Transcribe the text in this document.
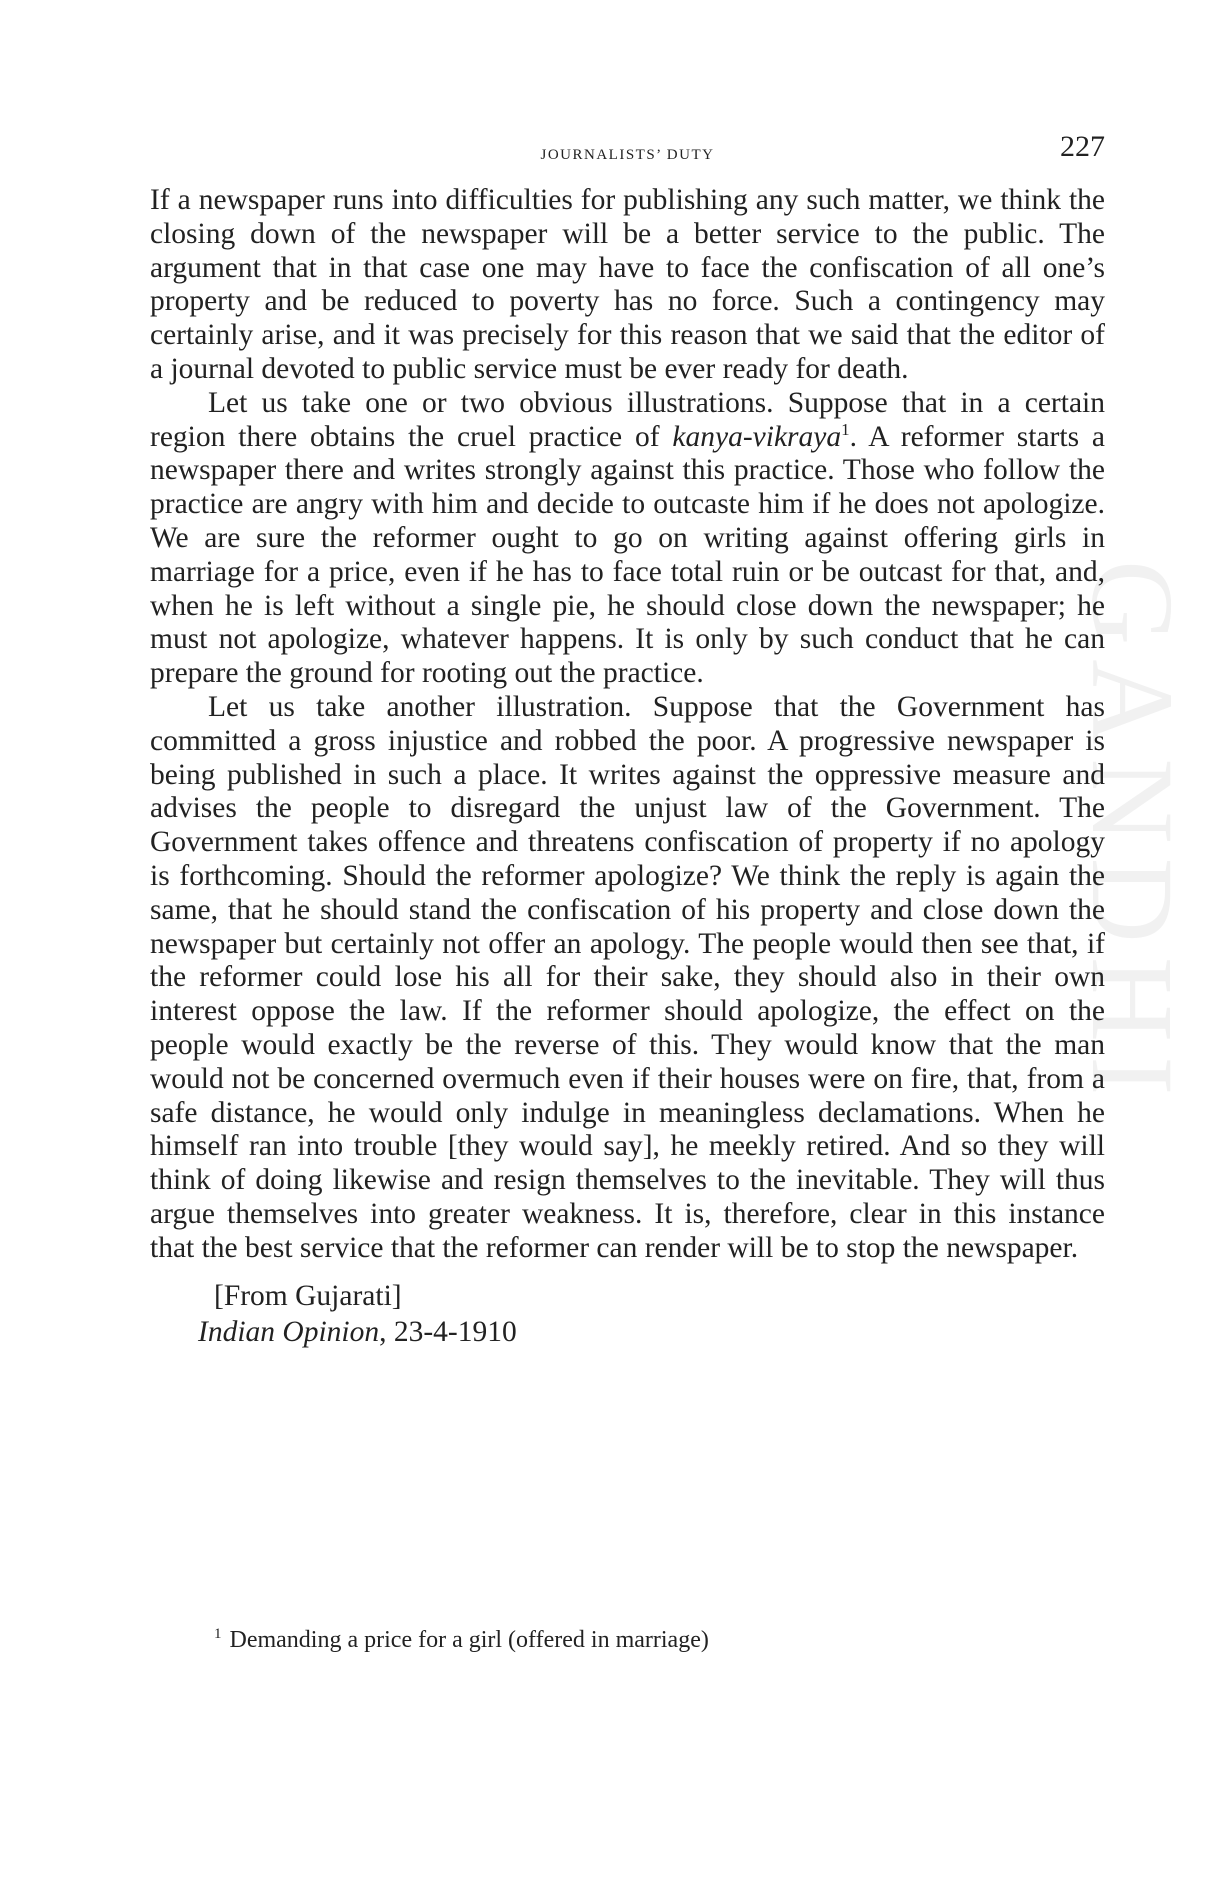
GANDHI
journalists’ duty	227

If a newspaper runs into difficulties for publishing any such matter, we think the closing down of the newspaper will be a better service to the public. The argument that in that case one may have to face the confiscation of all one’s property and be reduced to poverty has no force. Such a contingency may certainly arise, and it was precisely for this reason that we said that the editor of a journal devoted to public service must be ever ready for death.

Let us take one or two obvious illustrations. Suppose that in a certain region there obtains the cruel practice of kanya-vikraya$^1$. A reformer starts a newspaper there and writes strongly against this practice. Those who follow the practice are angry with him and decide to outcaste him if he does not apologize. We are sure the reformer ought to go on writing against offering girls in marriage for a price, even if he has to face total ruin or be outcast for that, and, when he is left without a single pie, he should close down the newspaper; he must not apologize, whatever happens. It is only by such conduct that he can prepare the ground for rooting out the practice.

Let us take another illustration. Suppose that the Government has committed a gross injustice and robbed the poor. A progressive newspaper is being published in such a place. It writes against the oppressive measure and advises the people to disregard the unjust law of the Government. The Government takes offence and threatens confiscation of property if no apology is forthcoming. Should the reformer apologize? We think the reply is again the same, that he should stand the confiscation of his property and close down the newspaper but certainly not offer an apology. The people would then see that, if the reformer could lose his all for their sake, they should also in their own interest oppose the law. If the reformer should apologize, the effect on the people would exactly be the reverse of this. They would know that the man would not be concerned overmuch even if their houses were on fire, that, from a safe distance, he would only indulge in meaningless declamations. When he himself ran into trouble [they would say], he meekly retired. And so they will think of doing likewise and resign themselves to the inevitable. They will thus argue themselves into greater weakness. It is, therefore, clear in this instance that the best service that the reformer can render will be to stop the newspaper.

[From Gujarati]
Indian Opinion, 23-4-1910
$^1$ Demanding a price for a girl (offered in marriage)
